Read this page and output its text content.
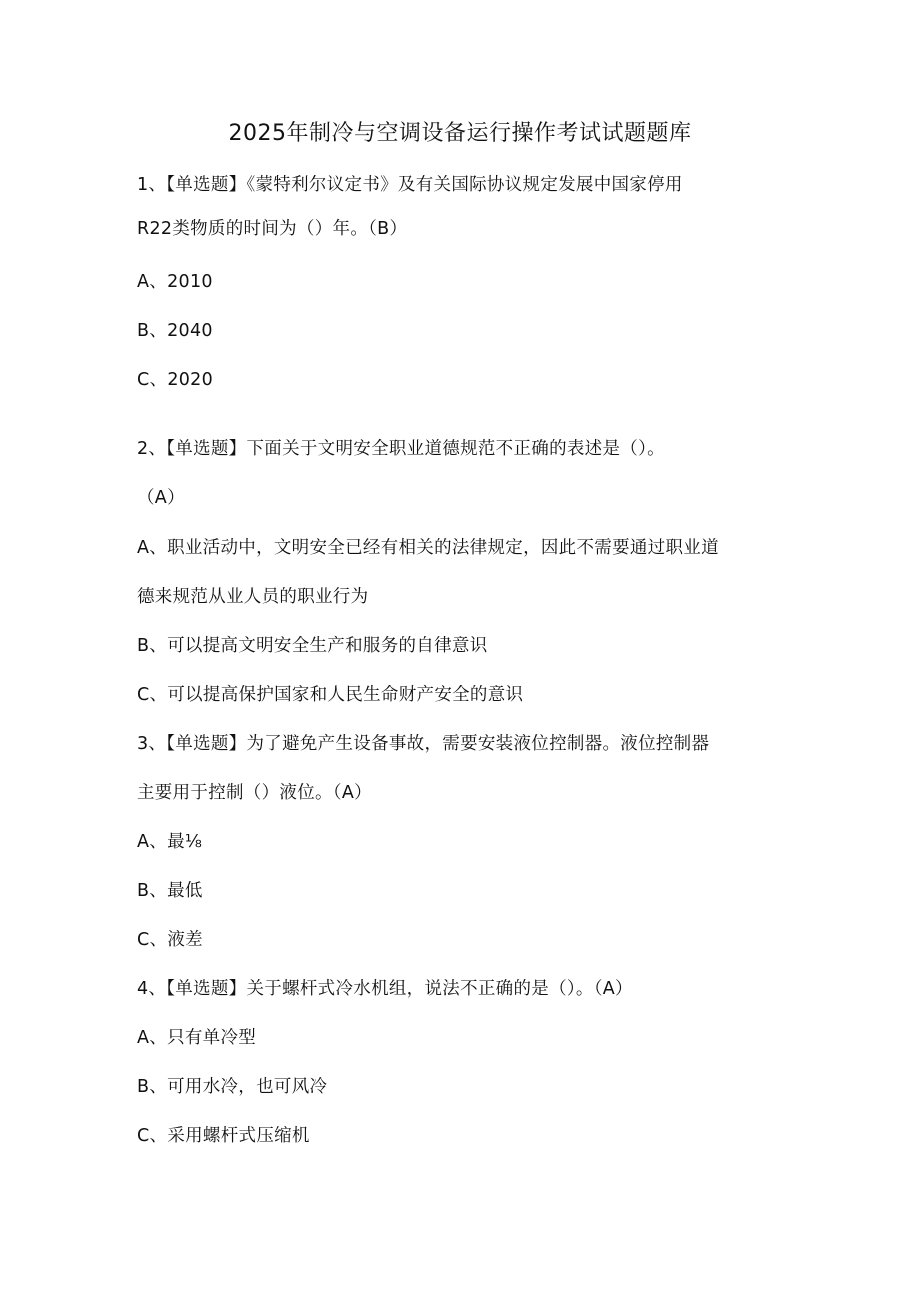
2025年制冷与空调设备运行操作考试试题题库
1、【单选题】《蒙特利尔议定书》及有关国际协议规定发展中国家停用
R22类物质的时间为（）年。（B）
A、2010
B、2040
C、2020
2、【单选题】下面关于文明安全职业道德规范不正确的表述是（）。
（A）
A、职业活动中，文明安全已经有相关的法律规定，因此不需要通过职业道
德来规范从业人员的职业行为
B、可以提高文明安全生产和服务的自律意识
C、可以提高保护国家和人民生命财产安全的意识
3、【单选题】为了避免产生设备事故，需要安装液位控制器。液位控制器
主要用于控制（）液位。（A）
A、最⅛
B、最低
C、液差
4、【单选题】关于螺杆式冷水机组，说法不正确的是（）。（A）
A、只有单冷型
B、可用水冷，也可风冷
C、采用螺杆式压缩机
